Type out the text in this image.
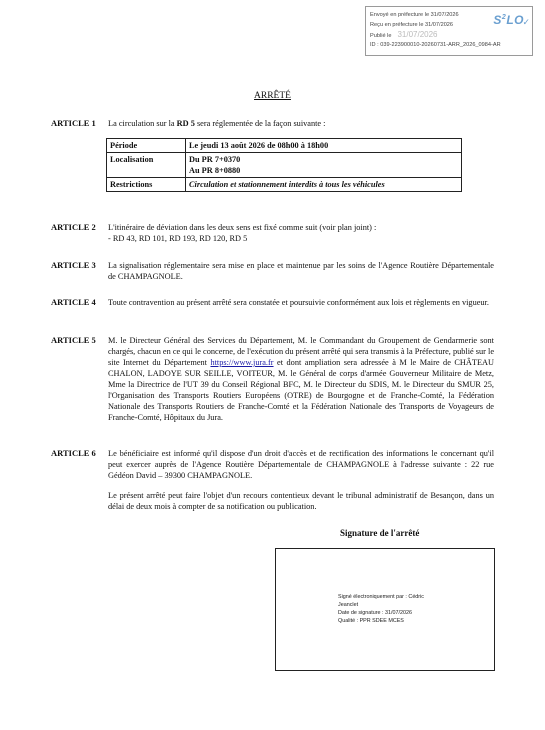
Envoyé en préfecture le 31/07/2026
Reçu en préfecture le 31/07/2026
Publié le 31/07/2026
ID : 039-223900010-20260731-ARR_2026_0984-AR
$S^2LO$
✓
ARRÊTÉ
ARTICLE 1 La circulation sur la RD 5 sera réglementée de la façon suivante :
Période	Le jeudi 13 août 2026 de 08h00 à 18h00
Localisation	Du PR 7+0370
Au PR 8+0880

Restrictions	Circulation et stationnement interdits à tous les véhicules
ARTICLE 2 L'itinéraire de déviation dans les deux sens est fixé comme suit (voir plan joint) :
- RD 43, RD 101, RD 193, RD 120, RD 5
ARTICLE 3 La signalisation réglementaire sera mise en place et maintenue par les soins de l'Agence Routière Départementale de CHAMPAGNOLE.
ARTICLE 4 Toute contravention au présent arrêté sera constatée et poursuivie conformément aux lois et règlements en vigueur.
ARTICLE 5 M. le Directeur Général des Services du Département, M. le Commandant du Groupement de Gendarmerie sont chargés, chacun en ce qui le concerne, de l'exécution du présent arrêté qui sera transmis à la Préfecture, publié sur le site Internet du Département https://www.jura.fr et dont ampliation sera adressée à M le Maire de CHÂTEAU CHALON, LADOYE SUR SEILLE, VOITEUR, M. le Général de corps d'armée Gouverneur Militaire de Metz, Mme la Directrice de l'UT 39 du Conseil Régional BFC, M. le Directeur du SDIS, M. le Directeur du SMUR 25, l'Organisation des Transports Routiers Européens (OTRE) de Bourgogne et de Franche-Comté, la Fédération Nationale des Transports Routiers de Franche-Comté et la Fédération Nationale des Transports de Voyageurs de Franche-Comté, Hôpitaux du Jura.
ARTICLE 6 Le bénéficiaire est informé qu'il dispose d'un droit d'accès et de rectification des informations le concernant qu'il peut exercer auprès de l'Agence Routière Départementale de CHAMPAGNOLE à l'adresse suivante : 22 rue Gédéon David – 39300 CHAMPAGNOLE.
Le présent arrêté peut faire l'objet d'un recours contentieux devant le tribunal administratif de Besançon, dans un délai de deux mois à compter de sa notification ou publication.
Signature de l'arrêté
Signé électroniquement par : Cédric
Jeanclet
Date de signature : 31/07/2026
Qualité : PPR SDEE MCES
